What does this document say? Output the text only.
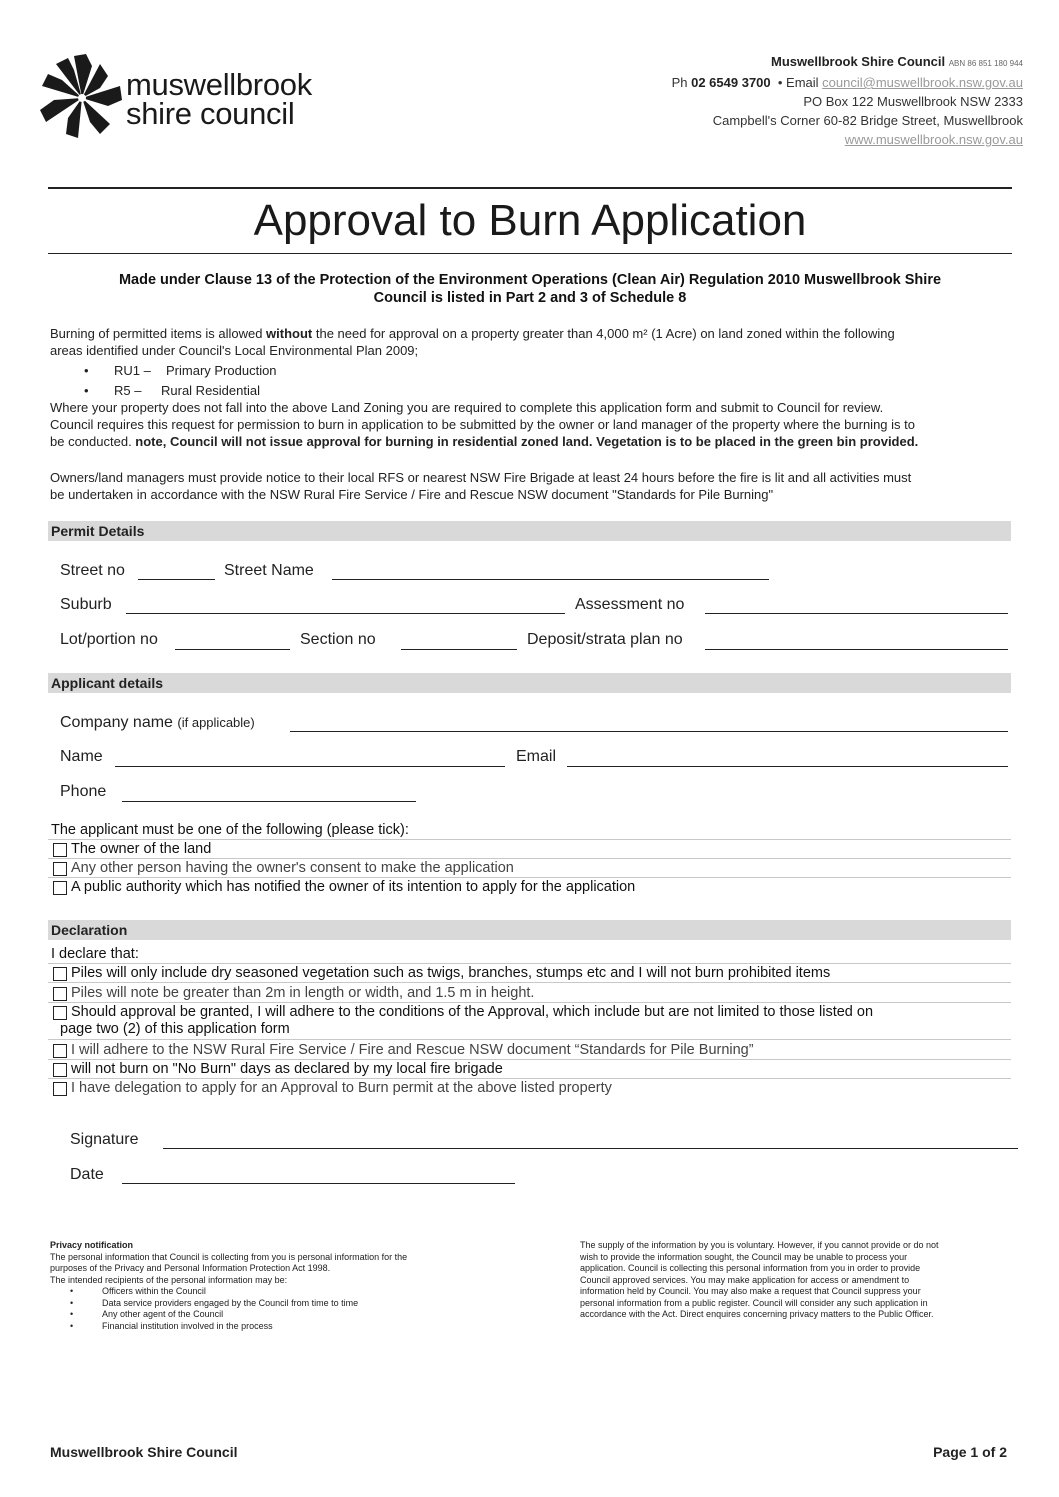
muswellbrook
shire council
Muswellbrook Shire Council ABN 86 851 180 944
Ph 02 6549 3700 • Email council@muswellbrook.nsw.gov.au
PO Box 122 Muswellbrook NSW 2333
Campbell's Corner 60-82 Bridge Street, Muswellbrook
www.muswellbrook.nsw.gov.au
Approval to Burn Application
Made under Clause 13 of the Protection of the Environment Operations (Clean Air) Regulation 2010 Muswellbrook Shire
Council is listed in Part 2 and 3 of Schedule 8
Burning of permitted items is allowed without the need for approval on a property greater than 4,000 m² (1 Acre) on land zoned within the following
areas identified under Council's Local Environmental Plan 2009;
• RU1 – Primary Production
• R5 – Rural Residential
Where your property does not fall into the above Land Zoning you are required to complete this application form and submit to Council for review.
Council requires this request for permission to burn in application to be submitted by the owner or land manager of the property where the burning is to
be conducted. note, Council will not issue approval for burning in residential zoned land. Vegetation is to be placed in the green bin provided.
Owners/land managers must provide notice to their local RFS or nearest NSW Fire Brigade at least 24 hours before the fire is lit and all activities must
be undertaken in accordance with the NSW Rural Fire Service / Fire and Rescue NSW document "Standards for Pile Burning"
Permit Details
Street no	Street Name
Suburb	Assessment no
Lot/portion no	Section no	Deposit/strata plan no
Applicant details
Company name (if applicable)
Name	Email
Phone
The applicant must be one of the following (please tick):
The owner of the land
Any other person having the owner's consent to make the application
A public authority which has notified the owner of its intention to apply for the application
Declaration
I declare that:
Piles will only include dry seasoned vegetation such as twigs, branches, stumps etc and I will not burn prohibited items
Piles will note be greater than 2m in length or width, and 1.5 m in height.
Should approval be granted, I will adhere to the conditions of the Approval, which include but are not limited to those listed on
page two (2) of this application form
I will adhere to the NSW Rural Fire Service / Fire and Rescue NSW document “Standards for Pile Burning”
will not burn on "No Burn" days as declared by my local fire brigade
I have delegation to apply for an Approval to Burn permit at the above listed property
Signature
Date
Privacy notification
The personal information that Council is collecting from you is personal information for the
purposes of the Privacy and Personal Information Protection Act 1998.
The intended recipients of the personal information may be:
•	Officers within the Council
•	Data service providers engaged by the Council from time to time
•	Any other agent of the Council
•	Financial institution involved in the process
The supply of the information by you is voluntary. However, if you cannot provide or do not
wish to provide the information sought, the Council may be unable to process your
application. Council is collecting this personal information from you in order to provide
Council approved services. You may make application for access or amendment to
information held by Council. You may also make a request that Council suppress your
personal information from a public register. Council will consider any such application in
accordance with the Act. Direct enquires concerning privacy matters to the Public Officer.
Muswellbrook Shire Council	Page 1 of 2
